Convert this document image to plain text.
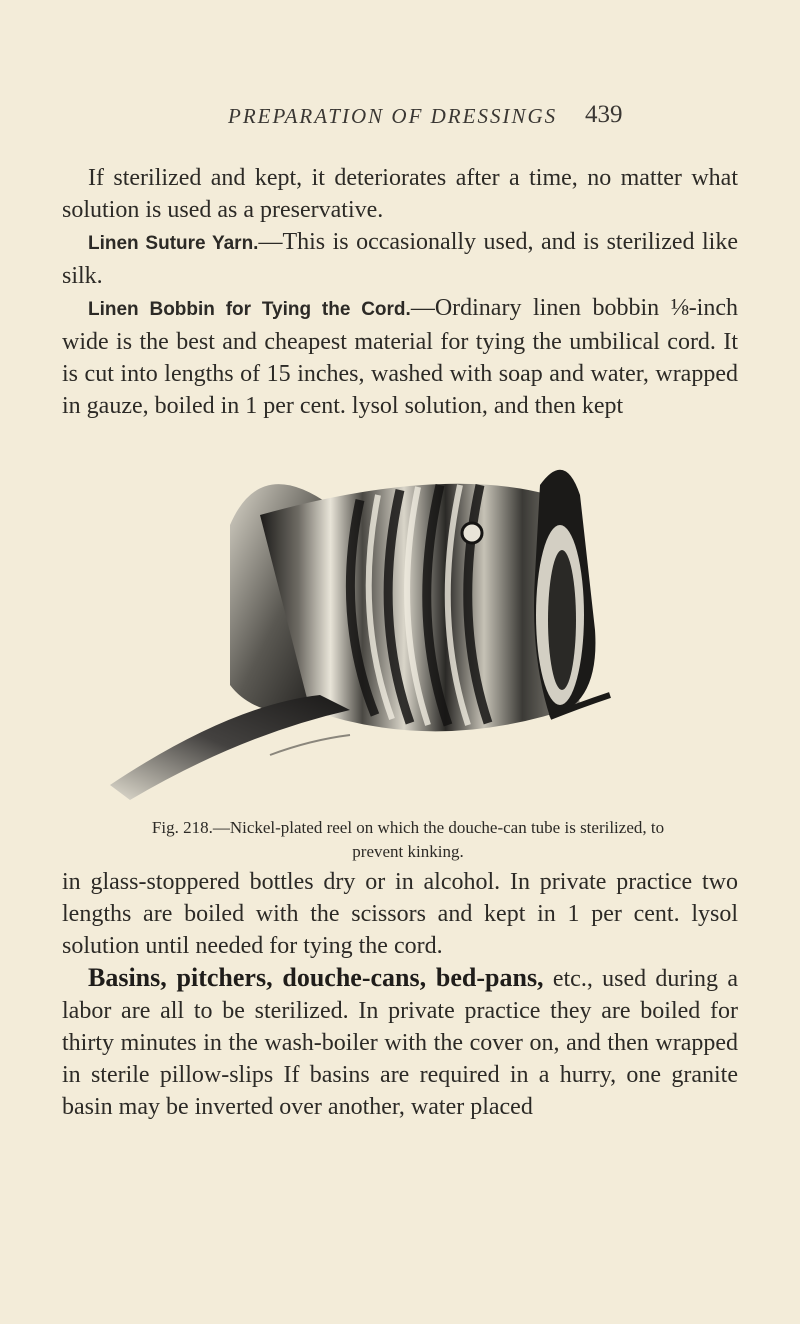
PREPARATION OF DRESSINGS 439

If sterilized and kept, it deteriorates after a time, no matter what solution is used as a preservative.

Linen Suture Yarn.—This is occasionally used, and is sterilized like silk.

Linen Bobbin for Tying the Cord.—Ordinary linen bobbin ⅛-inch wide is the best and cheapest material for tying the umbilical cord. It is cut into lengths of 15 inches, washed with soap and water, wrapped in gauze, boiled in 1 per cent. lysol solution, and then kept

Fig. 218.—Nickel-plated reel on which the douche-can tube is sterilized, to
prevent kinking.

in glass-stoppered bottles dry or in alcohol. In private practice two lengths are boiled with the scissors and kept in 1 per cent. lysol solution until needed for tying the cord.

Basins, pitchers, douche-cans, bed-pans, etc., used during a labor are all to be sterilized. In private practice they are boiled for thirty minutes in the wash-boiler with the cover on, and then wrapped in sterile pillow-slips If basins are required in a hurry, one granite basin may be inverted over another, water placed
